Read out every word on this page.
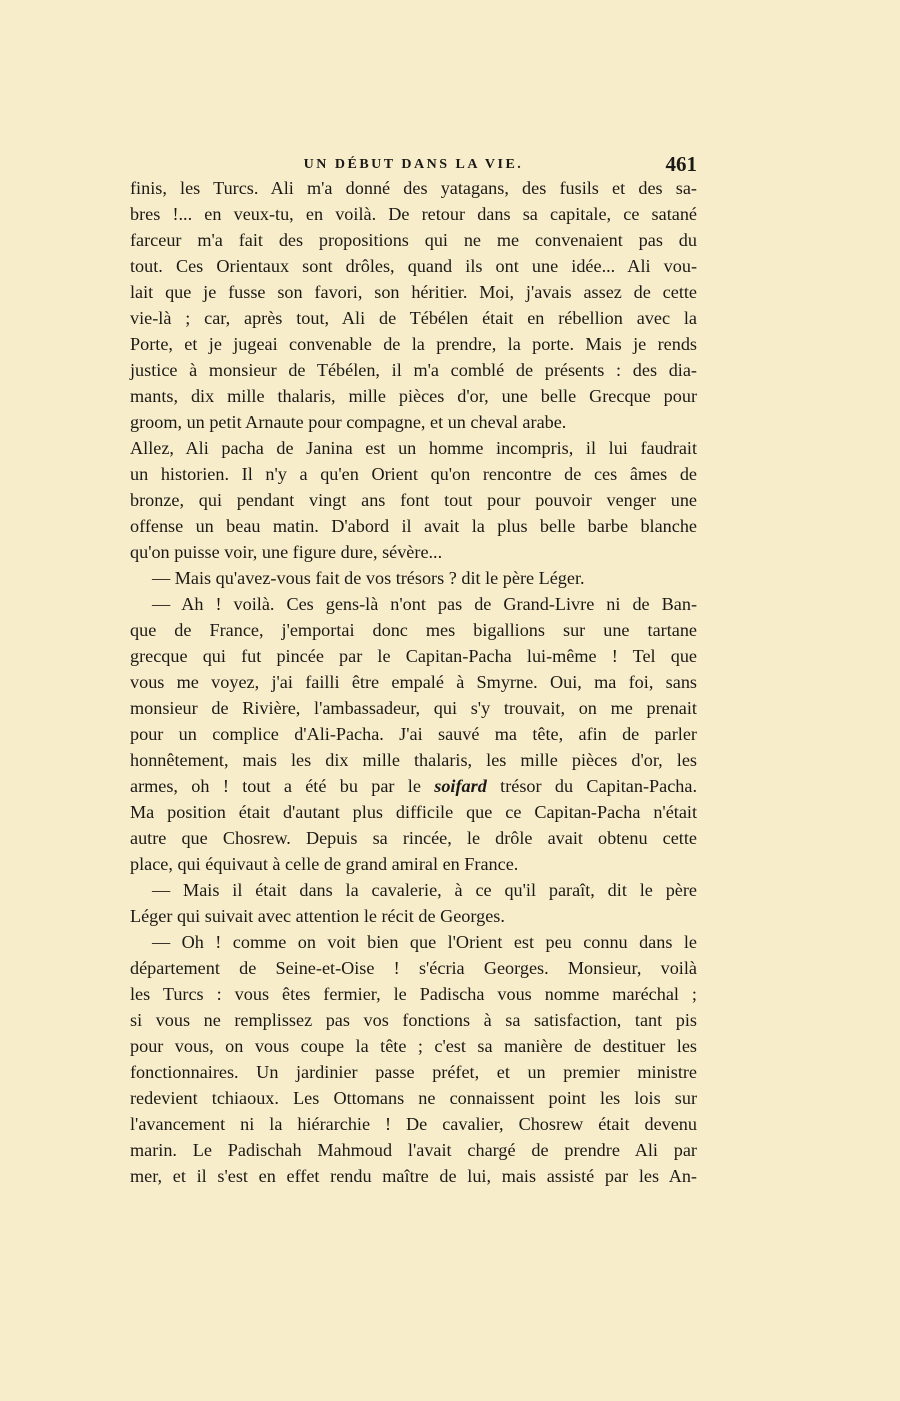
UN DÉBUT DANS LA VIE.	461
finis, les Turcs. Ali m'a donné des yatagans, des fusils et des sa-
bres !... en veux-tu, en voilà. De retour dans sa capitale, ce satané
farceur m'a fait des propositions qui ne me convenaient pas du
tout. Ces Orientaux sont drôles, quand ils ont une idée... Ali vou-
lait que je fusse son favori, son héritier. Moi, j'avais assez de cette
vie-là ; car, après tout, Ali de Tébélen était en rébellion avec la
Porte, et je jugeai convenable de la prendre, la porte. Mais je rends
justice à monsieur de Tébélen, il m'a comblé de présents : des dia-
mants, dix mille thalaris, mille pièces d'or, une belle Grecque pour
groom, un petit Arnaute pour compagne, et un cheval arabe.
Allez, Ali pacha de Janina est un homme incompris, il lui faudrait
un historien. Il n'y a qu'en Orient qu'on rencontre de ces âmes de
bronze, qui pendant vingt ans font tout pour pouvoir venger une
offense un beau matin. D'abord il avait la plus belle barbe blanche
qu'on puisse voir, une figure dure, sévère...
— Mais qu'avez-vous fait de vos trésors ? dit le père Léger.
— Ah ! voilà. Ces gens-là n'ont pas de Grand-Livre ni de Ban-
que de France, j'emportai donc mes bigallions sur une tartane
grecque qui fut pincée par le Capitan-Pacha lui-même ! Tel que
vous me voyez, j'ai failli être empalé à Smyrne. Oui, ma foi, sans
monsieur de Rivière, l'ambassadeur, qui s'y trouvait, on me prenait
pour un complice d'Ali-Pacha. J'ai sauvé ma tête, afin de parler
honnêtement, mais les dix mille thalaris, les mille pièces d'or, les
armes, oh ! tout a été bu par le soifard trésor du Capitan-Pacha.
Ma position était d'autant plus difficile que ce Capitan-Pacha n'était
autre que Chosrew. Depuis sa rincée, le drôle avait obtenu cette
place, qui équivaut à celle de grand amiral en France.
— Mais il était dans la cavalerie, à ce qu'il paraît, dit le père
Léger qui suivait avec attention le récit de Georges.
— Oh ! comme on voit bien que l'Orient est peu connu dans le
département de Seine-et-Oise ! s'écria Georges. Monsieur, voilà
les Turcs : vous êtes fermier, le Padischa vous nomme maréchal ;
si vous ne remplissez pas vos fonctions à sa satisfaction, tant pis
pour vous, on vous coupe la tête ; c'est sa manière de destituer les
fonctionnaires. Un jardinier passe préfet, et un premier ministre
redevient tchiaoux. Les Ottomans ne connaissent point les lois sur
l'avancement ni la hiérarchie ! De cavalier, Chosrew était devenu
marin. Le Padischah Mahmoud l'avait chargé de prendre Ali par
mer, et il s'est en effet rendu maître de lui, mais assisté par les An-
